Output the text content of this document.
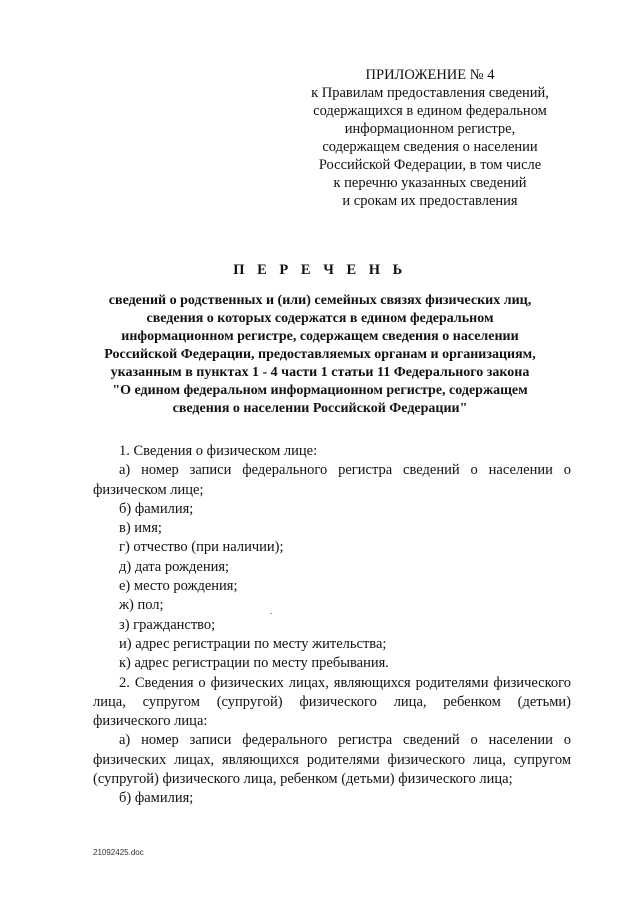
ПРИЛОЖЕНИЕ № 4
к Правилам предоставления сведений,
содержащихся в едином федеральном
информационном регистре,
содержащем сведения о населении
Российской Федерации, в том числе
к перечню указанных сведений
и срокам их предоставления
П Е Р Е Ч Е Н Ь
сведений о родственных и (или) семейных связях физических лиц,
сведения о которых содержатся в едином федеральном
информационном регистре, содержащем сведения о населении
Российской Федерации, предоставляемых органам и организациям,
указанным в пунктах 1 - 4 части 1 статьи 11 Федерального закона
"О едином федеральном информационном регистре, содержащем
сведения о населении Российской Федерации"

1. Сведения о физическом лице:

а) номер записи федерального регистра сведений о населении о физическом лице;

б) фамилия;

в) имя;

г) отчество (при наличии);

д) дата рождения;

е) место рождения;

ж) пол;

з) гражданство;

и) адрес регистрации по месту жительства;

к) адрес регистрации по месту пребывания.

2. Сведения о физических лицах, являющихся родителями физического лица, супругом (супругой) физического лица, ребенком (детьми) физического лица:

а) номер записи федерального регистра сведений о населении о физических лицах, являющихся родителями физического лица, супругом (супругой) физического лица, ребенком (детьми) физического лица;

б) фамилия;

21092425.doc
